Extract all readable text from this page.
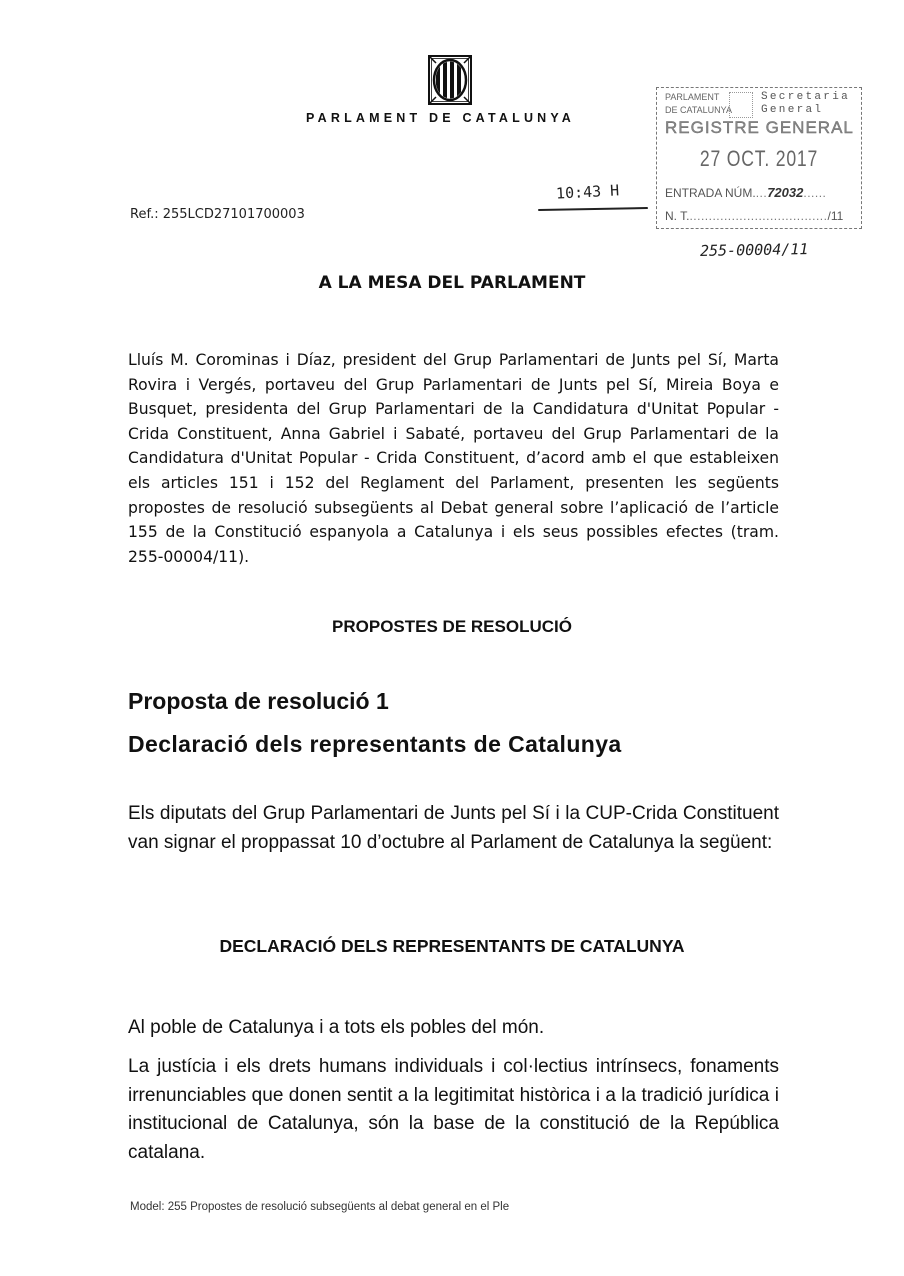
PARLAMENT DE CATALUNYA
Ref.: 255LCD27101700003
10:43 H
PARLAMENT
DE CATALUNYA
Secretaria
General
REGISTRE GENERAL
27 OCT. 2017
ENTRADA NÚM....72032......
N. T...................................../11
255-00004/11
A LA MESA DEL PARLAMENT
Lluís M. Corominas i Díaz, president del Grup Parlamentari de Junts pel Sí, Marta Rovira i Vergés, portaveu del Grup Parlamentari de Junts pel Sí, Mireia Boya e Busquet, presidenta del Grup Parlamentari de la Candidatura d'Unitat Popular - Crida Constituent, Anna Gabriel i Sabaté, portaveu del Grup Parlamentari de la Candidatura d'Unitat Popular - Crida Constituent, d’acord amb el que estableixen els articles 151 i 152 del Reglament del Parlament, presenten les següents propostes de resolució subsegüents al Debat general sobre l’aplicació de l’article 155 de la Constitució espanyola a Catalunya i els seus possibles efectes (tram. 255-00004/11).
PROPOSTES DE RESOLUCIÓ
Proposta de resolució 1
Declaració dels representants de Catalunya
Els diputats del Grup Parlamentari de Junts pel Sí i la CUP-Crida Constituent van signar el proppassat 10 d’octubre al Parlament de Catalunya la següent:
DECLARACIÓ DELS REPRESENTANTS DE CATALUNYA
Al poble de Catalunya i a tots els pobles del món.
La justícia i els drets humans individuals i col·lectius intrínsecs, fonaments irrenunciables que donen sentit a la legitimitat històrica i a la tradició jurídica i institucional de Catalunya, són la base de la constitució de la República catalana.
Model: 255 Propostes de resolució subsegüents al debat general en el Ple
